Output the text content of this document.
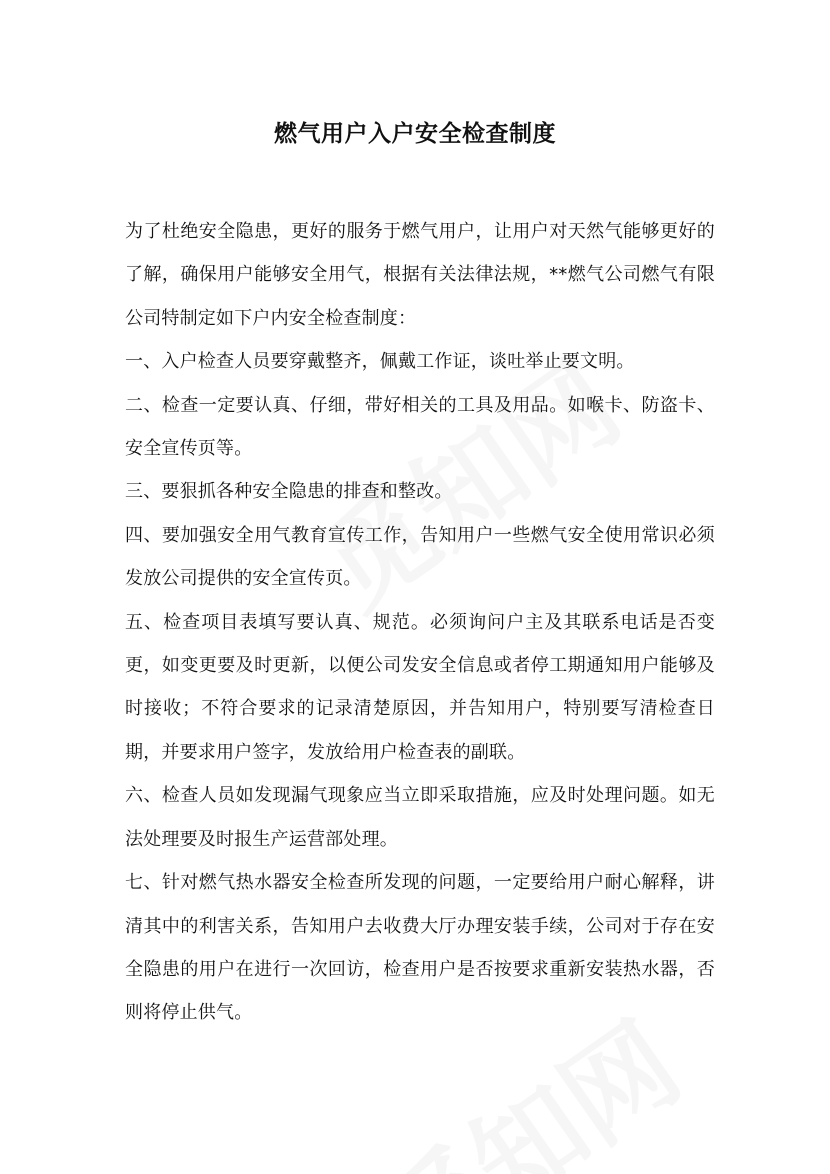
燃气用户入户安全检查制度

为了杜绝安全隐患，更好的服务于燃气用户，让用户对天然气能够更好的了解，确保用户能够安全用气，根据有关法律法规，**燃气公司燃气有限公司特制定如下户内安全检查制度：

一、入户检查人员要穿戴整齐，佩戴工作证，谈吐举止要文明。

二、检查一定要认真、仔细，带好相关的工具及用品。如喉卡、防盗卡、安全宣传页等。

三、要狠抓各种安全隐患的排查和整改。

四、要加强安全用气教育宣传工作，告知用户一些燃气安全使用常识必须发放公司提供的安全宣传页。

五、检查项目表填写要认真、规范。必须询问户主及其联系电话是否变更，如变更要及时更新，以便公司发安全信息或者停工期通知用户能够及时接收；不符合要求的记录清楚原因，并告知用户，特别要写清检查日期，并要求用户签字，发放给用户检查表的副联。

六、检查人员如发现漏气现象应当立即采取措施，应及时处理问题。如无法处理要及时报生产运营部处理。

七、针对燃气热水器安全检查所发现的问题，一定要给用户耐心解释，讲清其中的利害关系，告知用户去收费大厅办理安装手续，公司对于存在安全隐患的用户在进行一次回访，检查用户是否按要求重新安装热水器，否则将停止供气。
